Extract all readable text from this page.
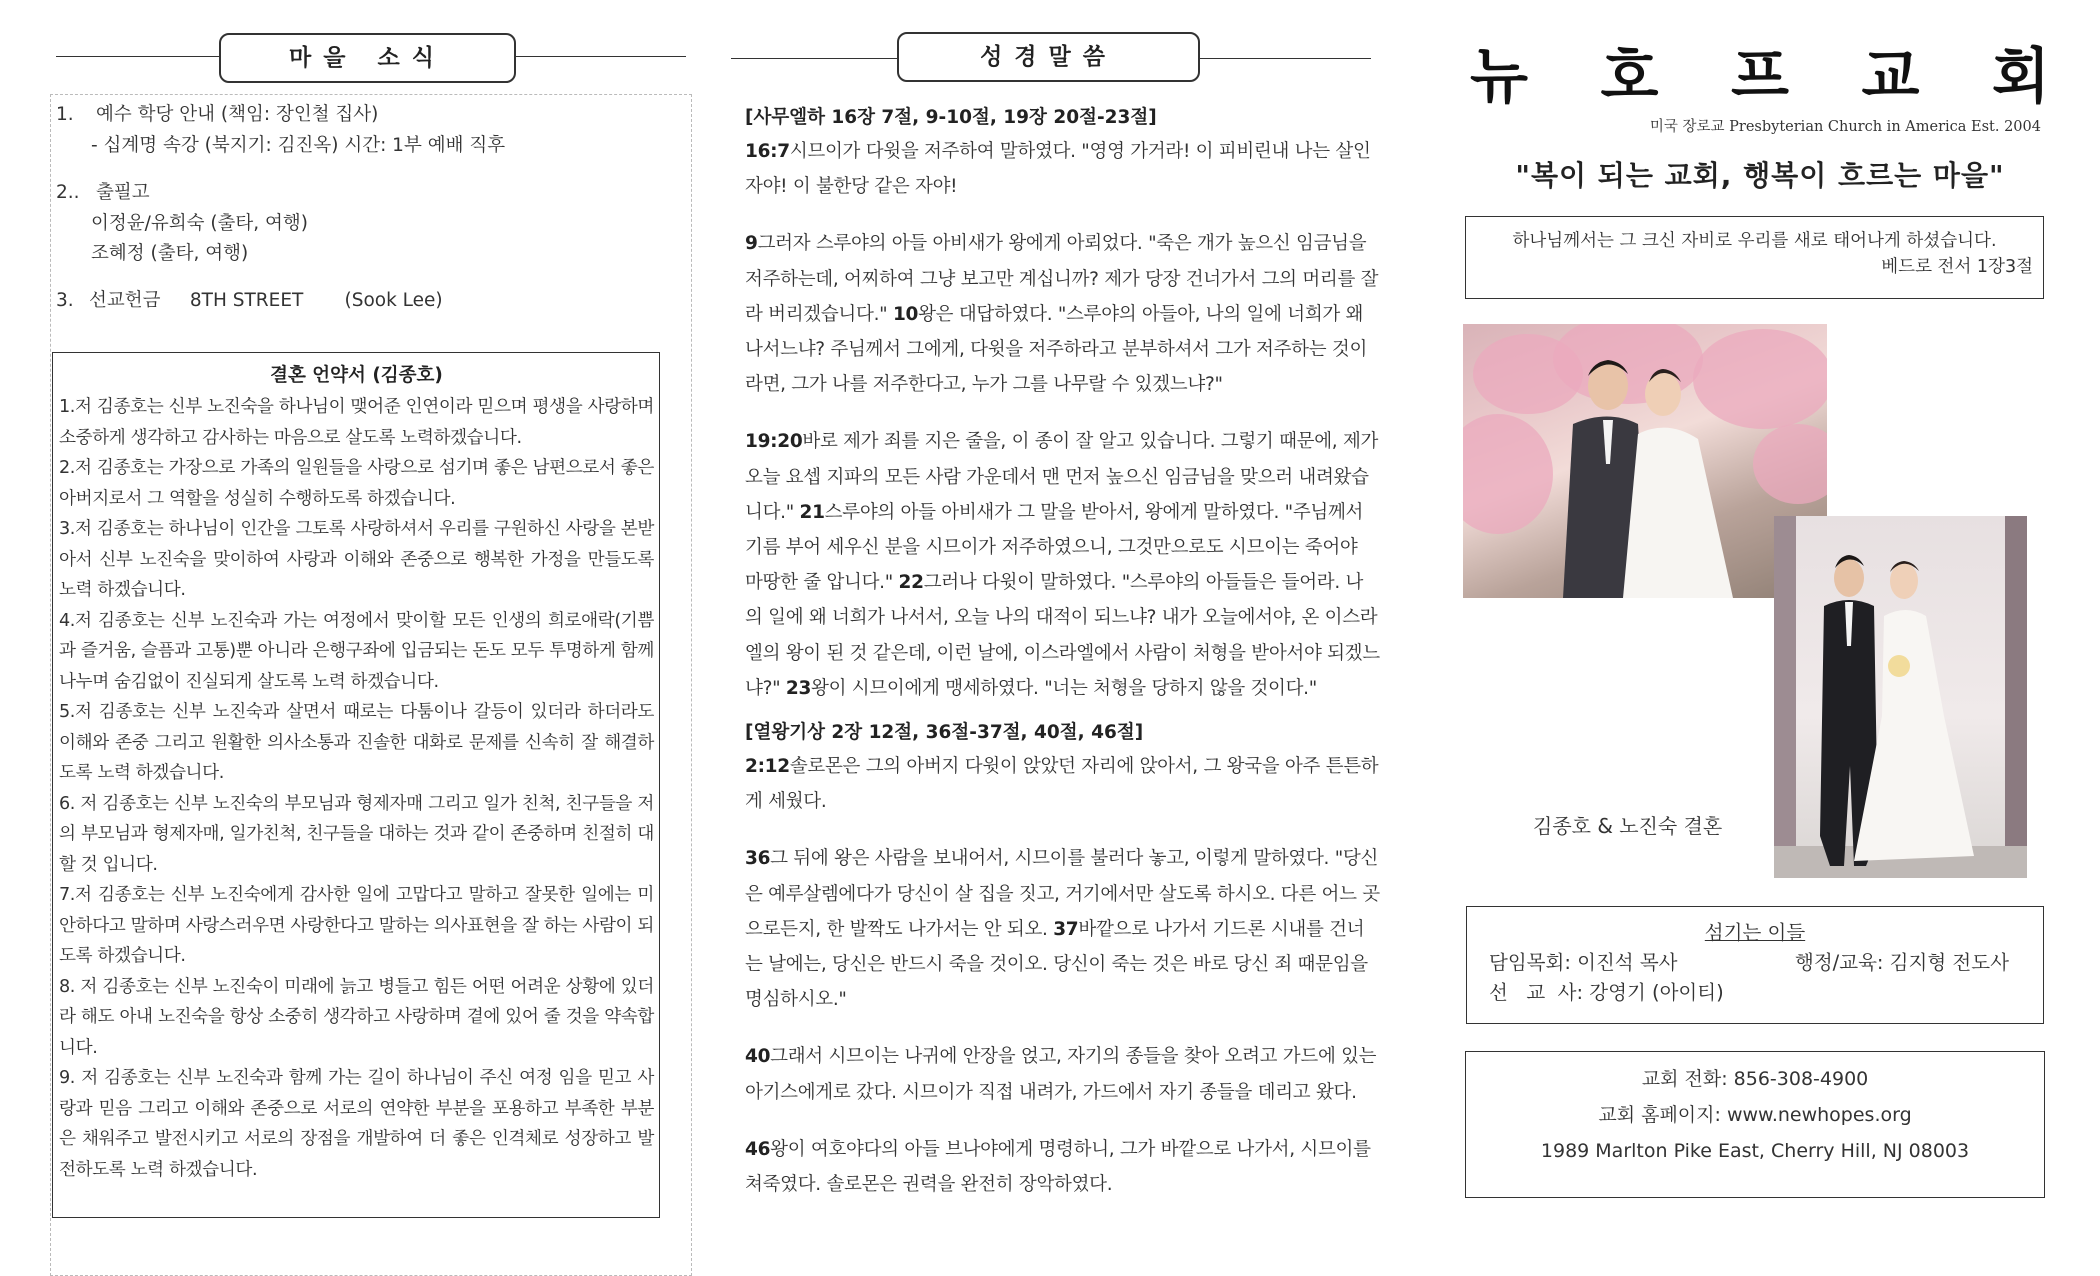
마을 소식
1. 예수 학당 안내 (책임: 장인철 집사)
- 십계명 속강 (북지기: 김진옥) 시간: 1부 예배 직후
2.. 출필고
이정윤/유희숙 (출타, 여행)
조혜정 (출타, 여행)
3. 선교헌금     8TH STREET       (Sook Lee)
결혼 언약서 (김종호)

1.저 김종호는 신부 노진숙을 하나님이 맺어준 인연이라 믿으며 평생을 사랑하며 소중하게 생각하고 감사하는 마음으로 살도록 노력하겠습니다.

2.저 김종호는 가장으로 가족의 일원들을 사랑으로 섬기며 좋은 남편으로서 좋은 아버지로서 그 역할을 성실히 수행하도록 하겠습니다.

3.저 김종호는 하나님이 인간을 그토록 사랑하셔서 우리를 구원하신 사랑을 본받아서 신부 노진숙을 맞이하여 사랑과 이해와 존중으로 행복한 가정을 만들도록 노력 하겠습니다.

4.저 김종호는 신부 노진숙과 가는 여정에서 맞이할 모든 인생의 희로애락(기쁨과 즐거움, 슬픔과 고통)뿐 아니라 은행구좌에 입금되는 돈도 모두 투명하게 함께 나누며 숨김없이 진실되게 살도록 노력 하겠습니다.

5.저 김종호는 신부 노진숙과 살면서 때로는 다툼이나 갈등이 있더라 하더라도 이해와 존중 그리고 원활한 의사소통과 진솔한 대화로 문제를 신속히 잘 해결하도록 노력 하겠습니다.

6. 저 김종호는 신부 노진숙의 부모님과 형제자매 그리고 일가 친척, 친구들을 저의 부모님과 형제자매, 일가친척, 친구들을 대하는 것과 같이 존중하며 친절히 대할 것 입니다.

7.저 김종호는 신부 노진숙에게 감사한 일에 고맙다고 말하고 잘못한 일에는 미안하다고 말하며 사랑스러우면 사랑한다고 말하는 의사표현을 잘 하는 사람이 되도록 하겠습니다.

8. 저 김종호는 신부 노진숙이 미래에 늙고 병들고 힘든 어떤 어려운 상황에 있더라 해도 아내 노진숙을 항상 소중히 생각하고 사랑하며 곁에 있어 줄 것을 약속합니다.

9. 저 김종호는 신부 노진숙과 함께 가는 길이 하나님이 주신 여정 임을 믿고 사랑과 믿음 그리고 이해와 존중으로 서로의 연약한 부분을 포용하고 부족한 부분은 채워주고 발전시키고 서로의 장점을 개발하여 더 좋은 인격체로 성장하고 발전하도록 노력 하겠습니다.

성경말씀
[사무엘하 16장 7절, 9-10절, 19장 20절-23절]

16:7시므이가 다윗을 저주하여 말하였다. "영영 가거라! 이 피비린내 나는 살인자야! 이 불한당 같은 자야!

9그러자 스루야의 아들 아비새가 왕에게 아뢰었다. "죽은 개가 높으신 임금님을 저주하는데, 어찌하여 그냥 보고만 계십니까? 제가 당장 건너가서 그의 머리를 잘라 버리겠습니다." 10왕은 대답하였다. "스루야의 아들아, 나의 일에 너희가 왜 나서느냐? 주님께서 그에게, 다윗을 저주하라고 분부하셔서 그가 저주하는 것이라면, 그가 나를 저주한다고, 누가 그를 나무랄 수 있겠느냐?"

19:20바로 제가 죄를 지은 줄을, 이 종이 잘 알고 있습니다. 그렇기 때문에, 제가 오늘 요셉 지파의 모든 사람 가운데서 맨 먼저 높으신 임금님을 맞으러 내려왔습니다." 21스루야의 아들 아비새가 그 말을 받아서, 왕에게 말하였다. "주님께서 기름 부어 세우신 분을 시므이가 저주하였으니, 그것만으로도 시므이는 죽어야 마땅한 줄 압니다." 22그러나 다윗이 말하였다. "스루야의 아들들은 들어라. 나의 일에 왜 너희가 나서서, 오늘 나의 대적이 되느냐? 내가 오늘에서야, 온 이스라엘의 왕이 된 것 같은데, 이런 날에, 이스라엘에서 사람이 처형을 받아서야 되겠느냐?" 23왕이 시므이에게 맹세하였다. "너는 처형을 당하지 않을 것이다."

[열왕기상 2장 12절, 36절-37절, 40절, 46절]

2:12솔로몬은 그의 아버지 다윗이 앉았던 자리에 앉아서, 그 왕국을 아주 튼튼하게 세웠다.

36그 뒤에 왕은 사람을 보내어서, 시므이를 불러다 놓고, 이렇게 말하였다. "당신은 예루살렘에다가 당신이 살 집을 짓고, 거기에서만 살도록 하시오. 다른 어느 곳으로든지, 한 발짝도 나가서는 안 되오. 37바깥으로 나가서 기드론 시내를 건너는 날에는, 당신은 반드시 죽을 것이오. 당신이 죽는 것은 바로 당신 죄 때문임을 명심하시오."

40그래서 시므이는 나귀에 안장을 얹고, 자기의 종들을 찾아 오려고 가드에 있는 아기스에게로 갔다. 시므이가 직접 내려가, 가드에서 자기 종들을 데리고 왔다.

46왕이 여호야다의 아들 브나야에게 명령하니, 그가 바깥으로 나가서, 시므이를 쳐죽였다. 솔로몬은 권력을 완전히 장악하였다.

뉴 호 프 교 회
미국 장로교 Presbyterian Church in America Est. 2004
"복이 되는 교회, 행복이 흐르는 마을"
하나님께서는 그 크신 자비로 우리를 새로 태어나게 하셨습니다.
베드로 전서 1장3절
김종호 & 노진숙 결혼
섬기는 이들
담임목회: 이진석 목사	행정/교육: 김지형 전도사
선   교  사: 강영기 (아이티)
교회 전화: 856-308-4900
교회 홈페이지: www.newhopes.org
1989 Marlton Pike East, Cherry Hill, NJ 08003
